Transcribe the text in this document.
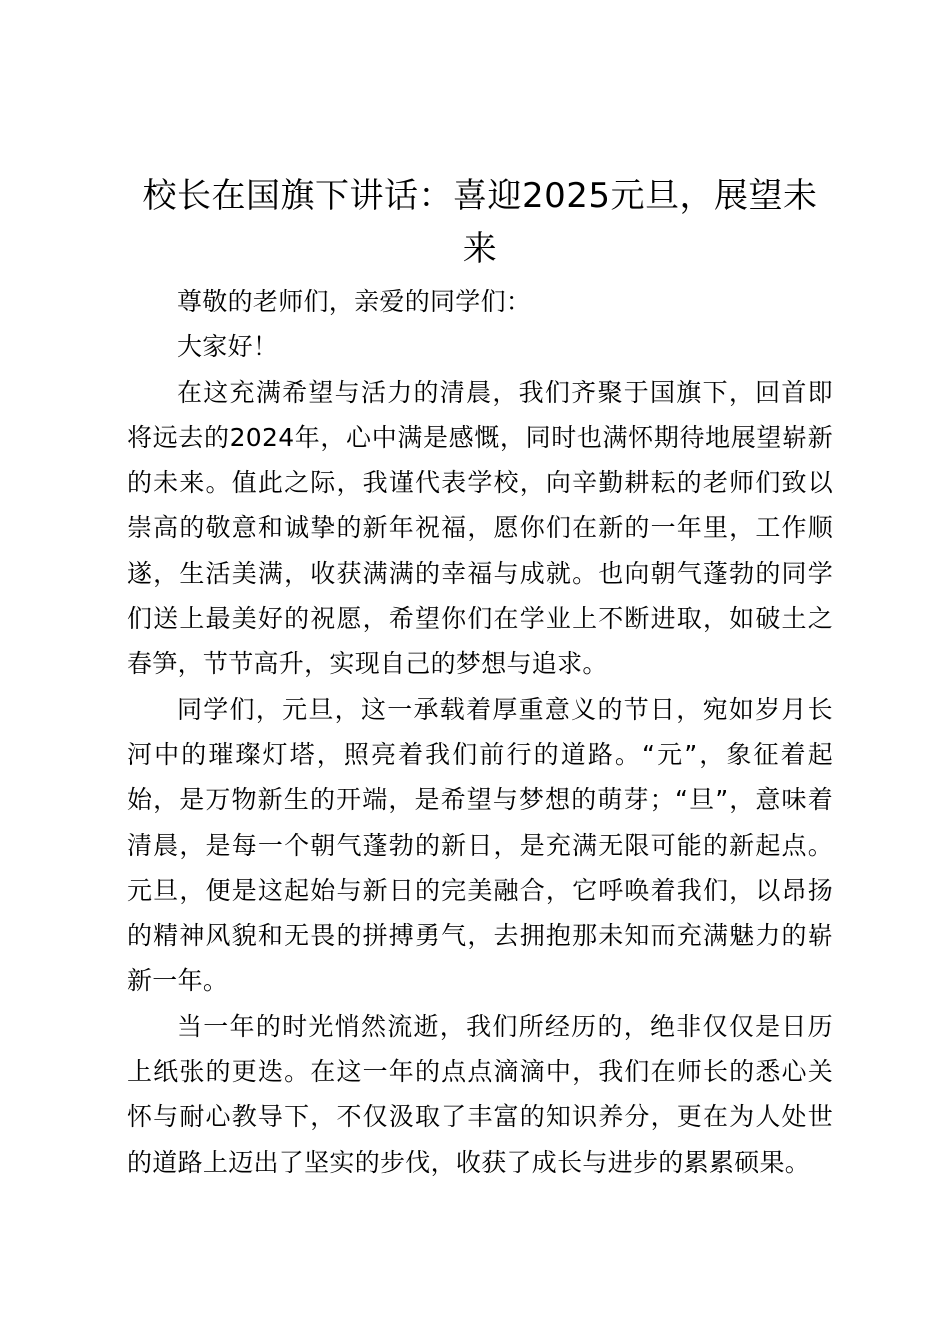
校长在国旗下讲话：喜迎2025元旦，展望未来

尊敬的老师们，亲爱的同学们：

大家好！

在这充满希望与活力的清晨，我们齐聚于国旗下，回首即将远去的2024年，心中满是感慨，同时也满怀期待地展望崭新的未来。值此之际，我谨代表学校，向辛勤耕耘的老师们致以崇高的敬意和诚挚的新年祝福，愿你们在新的一年里，工作顺遂，生活美满，收获满满的幸福与成就。也向朝气蓬勃的同学们送上最美好的祝愿，希望你们在学业上不断进取，如破土之春笋，节节高升，实现自己的梦想与追求。

同学们，元旦，这一承载着厚重意义的节日，宛如岁月长河中的璀璨灯塔，照亮着我们前行的道路。“元”，象征着起始，是万物新生的开端，是希望与梦想的萌芽；“旦”，意味着清晨，是每一个朝气蓬勃的新日，是充满无限可能的新起点。元旦，便是这起始与新日的完美融合，它呼唤着我们，以昂扬的精神风貌和无畏的拼搏勇气，去拥抱那未知而充满魅力的崭新一年。

当一年的时光悄然流逝，我们所经历的，绝非仅仅是日历上纸张的更迭。在这一年的点点滴滴中，我们在师长的悉心关怀与耐心教导下，不仅汲取了丰富的知识养分，更在为人处世的道路上迈出了坚实的步伐，收获了成长与进步的累累硕果。
